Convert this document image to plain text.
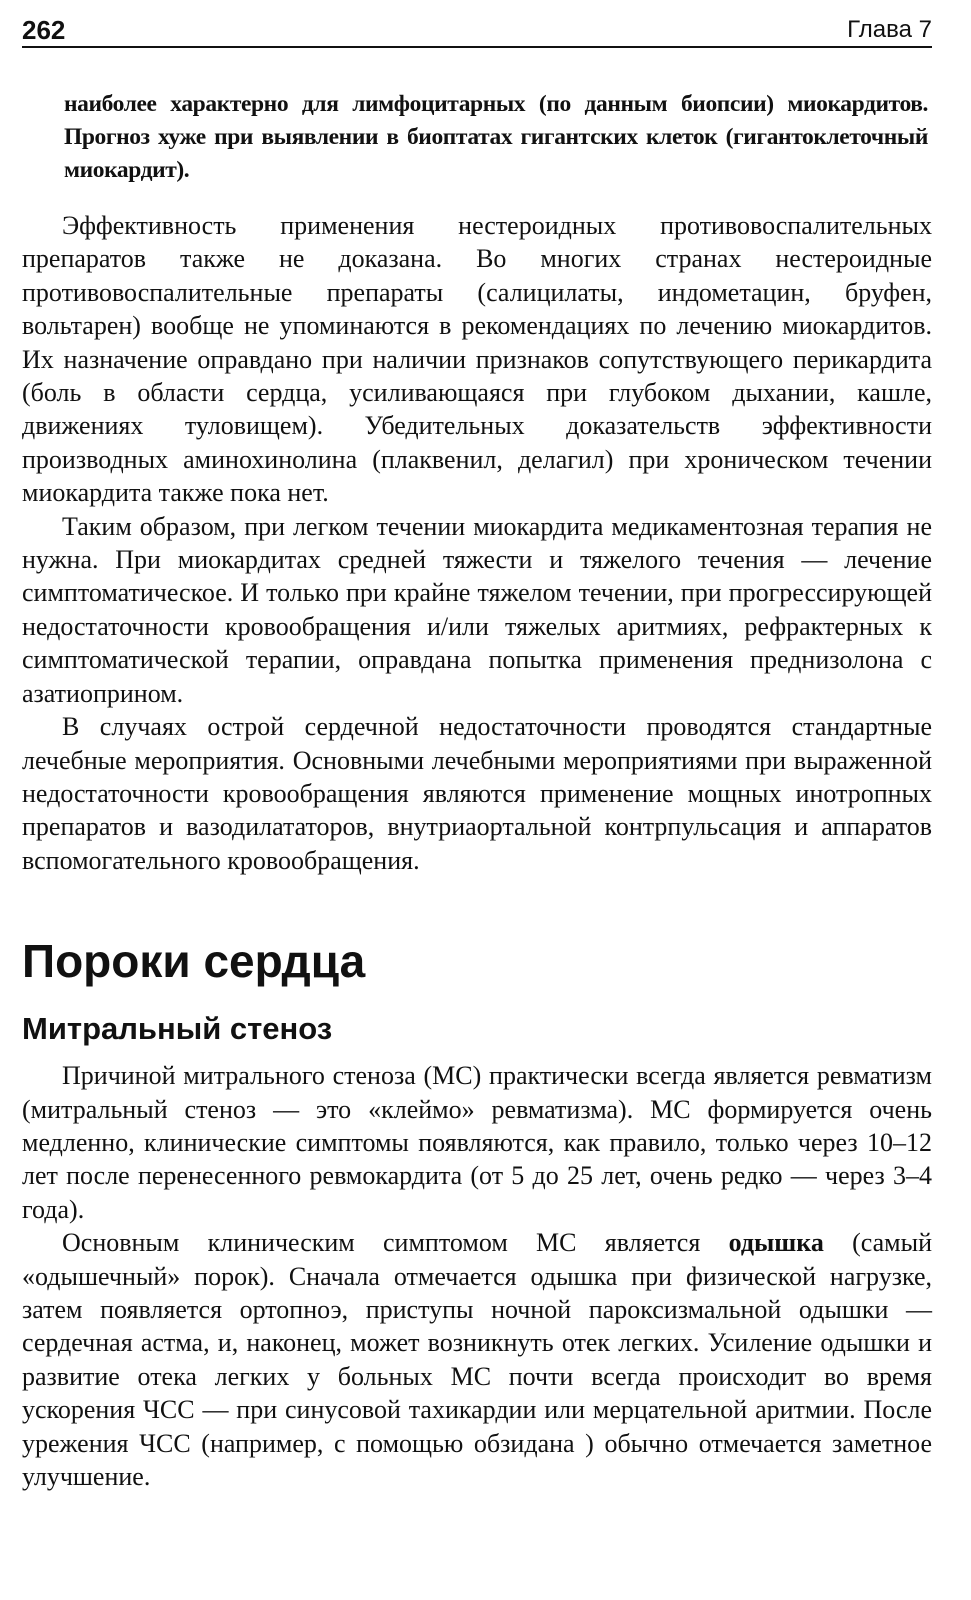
262	Глава 7

наиболее характерно для лимфоцитарных (по данным биопсии) миокардитов. Прогноз хуже при выявлении в биоптатах гигантских клеток (гигантоклеточный миокардит).

Эффективность применения нестероидных противовоспалительных препаратов также не доказана. Во многих странах нестероидные противовоспалительные препараты (салицилаты, индометацин, бруфен, вольтарен) вообще не упоминаются в рекомендациях по лечению миокардитов. Их назначение оправдано при наличии признаков сопутствующего перикардита (боль в области сердца, усиливающаяся при глубоком дыхании, кашле, движениях туловищем). Убедительных доказательств эффективности производных аминохинолина (плаквенил, делагил) при хроническом течении миокардита также пока нет.

Таким образом, при легком течении миокардита медикаментозная терапия не нужна. При миокардитах средней тяжести и тяжелого течения — лечение симптоматическое. И только при крайне тяжелом течении, при прогрессирующей недостаточности кровообращения и/или тяжелых аритмиях, рефрактерных к симптоматической терапии, оправдана попытка применения преднизолона с азатиоприном.

В случаях острой сердечной недостаточности проводятся стандартные лечебные мероприятия. Основными лечебными мероприятиями при выраженной недостаточности кровообращения являются применение мощных инотропных препаратов и вазодилататоров, внутриаортальной контрпульсация и аппаратов вспомогательного кровообращения.

Пороки сердца
Митральный стеноз

Причиной митрального стеноза (МС) практически всегда является ревматизм (митральный стеноз — это «клеймо» ревматизма). МС формируется очень медленно, клинические симптомы появляются, как правило, только через 10–12 лет после перенесенного ревмокардита (от 5 до 25 лет, очень редко — через 3–4 года).

Основным клиническим симптомом МС является одышка (самый «одышечный» порок). Сначала отмечается одышка при физической нагрузке, затем появляется ортопноэ, приступы ночной пароксизмальной одышки — сердечная астма, и, наконец, может возникнуть отек легких. Усиление одышки и развитие отека легких у больных МС почти всегда происходит во время ускорения ЧСС — при синусовой тахикардии или мерцательной аритмии. После урежения ЧСС (например, с помощью обзидана ) обычно отмечается заметное улучшение.
